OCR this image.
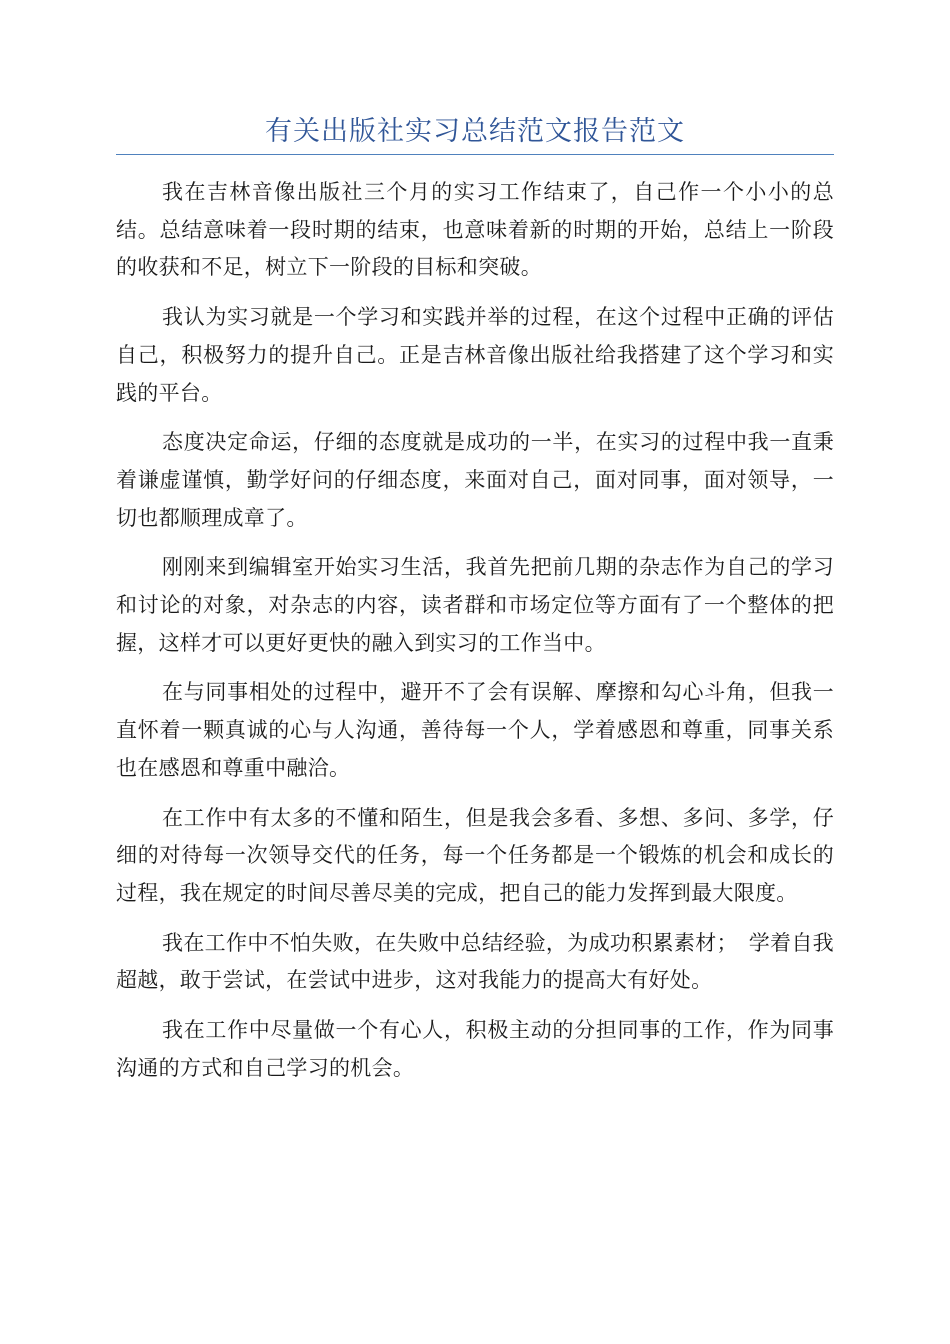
有关出版社实习总结范文报告范文

我在吉林音像出版社三个月的实习工作结束了，自己作一个小小的总结。总结意味着一段时期的结束，也意味着新的时期的开始，总结上一阶段的收获和不足，树立下一阶段的目标和突破。

我认为实习就是一个学习和实践并举的过程，在这个过程中正确的评估自己，积极努力的提升自己。正是吉林音像出版社给我搭建了这个学习和实践的平台。

态度决定命运，仔细的态度就是成功的一半，在实习的过程中我一直秉着谦虚谨慎，勤学好问的仔细态度，来面对自己，面对同事，面对领导，一切也都顺理成章了。

刚刚来到编辑室开始实习生活，我首先把前几期的杂志作为自己的学习和讨论的对象，对杂志的内容，读者群和市场定位等方面有了一个整体的把握，这样才可以更好更快的融入到实习的工作当中。

在与同事相处的过程中，避开不了会有误解、摩擦和勾心斗角，但我一直怀着一颗真诚的心与人沟通，善待每一个人，学着感恩和尊重，同事关系也在感恩和尊重中融洽。

在工作中有太多的不懂和陌生，但是我会多看、多想、多问、多学，仔细的对待每一次领导交代的任务，每一个任务都是一个锻炼的机会和成长的过程，我在规定的时间尽善尽美的完成，把自己的能力发挥到最大限度。

我在工作中不怕失败，在失败中总结经验，为成功积累素材；　学着自我超越，敢于尝试，在尝试中进步，这对我能力的提高大有好处。

我在工作中尽量做一个有心人，积极主动的分担同事的工作，作为同事沟通的方式和自己学习的机会。
